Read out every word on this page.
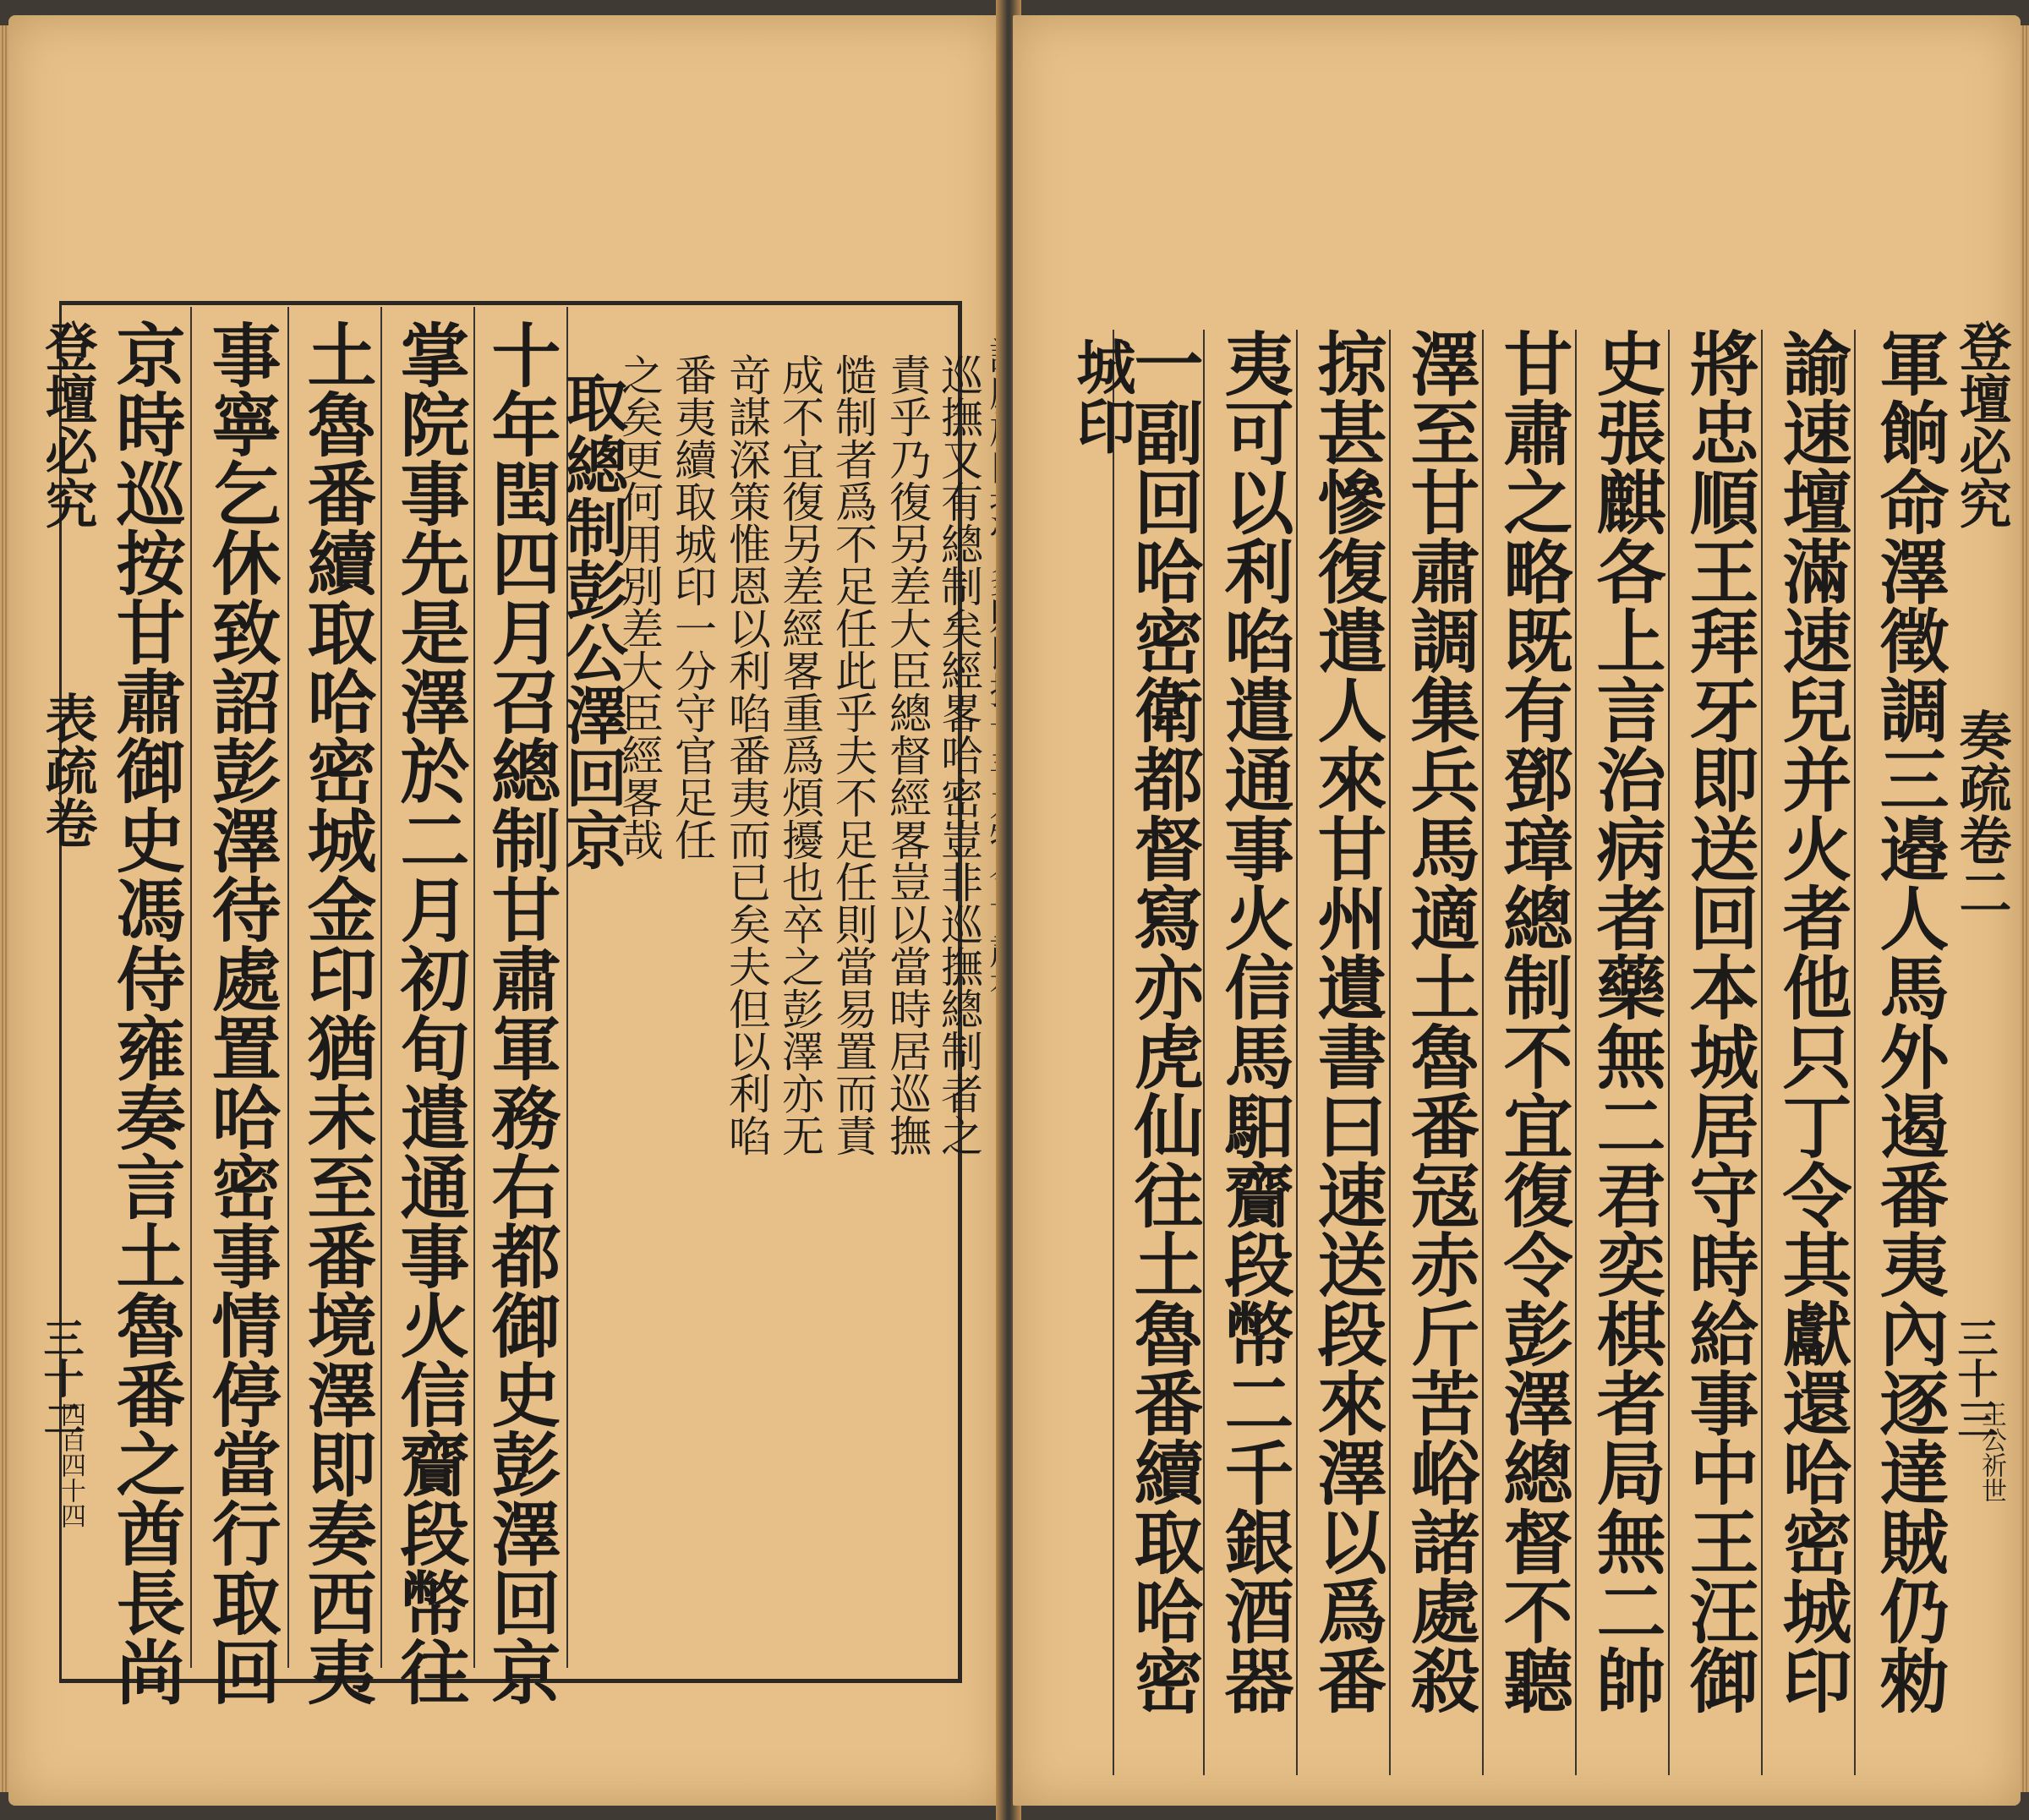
登壇必究
表疏卷
三十二
四百四十四 京時巡按甘肅御史馮侍雍奏言土魯番之酋長尚 事寧乞休致詔彭澤待處置哈密事情停當行取回 土魯番續取哈密城金印猶未至番境澤即奏西夷 掌院事先是澤於二月初旬遣通事火信齎段幣往 十年閏四月召總制甘肅軍務右都御史彭澤回京 之矣更何用別差大臣經畧哉 番夷續取城印一分守官足任 竒謀深策惟恩以利啗番夷而已矣夫但以利啗 成不宜復另差經畧重爲煩擾也卒之彭澤亦无 慥制者爲不足任此乎夫不足任則當易置而責 責乎乃復另差大臣總督經畧豈以當時居巡撫 巡撫又有總制矣經畧哈密豈非巡撫總制者之
取總制彭公澤回京	軍餉命澤徵調三邉人馬外遏番夷內逐達賊仍勑
諭速壇滿速兒并火者他只丁令其獻還哈密城印
將忠順王拜牙即送回本城居守時給事中王汪御
史張麒各上言治病者藥無二君奕棋者局無二帥
甘肅之略既有鄧璋總制不宜復令彭澤總督不聽
澤至甘肅調集兵馬適土魯番冦赤斤苦峪諸處殺
掠甚慘復遣人來甘州遺書曰速送段來澤以爲番
夷可以利啗遣通事火信馬馹齎段幣二千銀酒器
一副回哈密衛都督寫亦虎仙往土魯番續取哈密
城印	登壇必究
奏疏卷二
三十三
王公祈世
